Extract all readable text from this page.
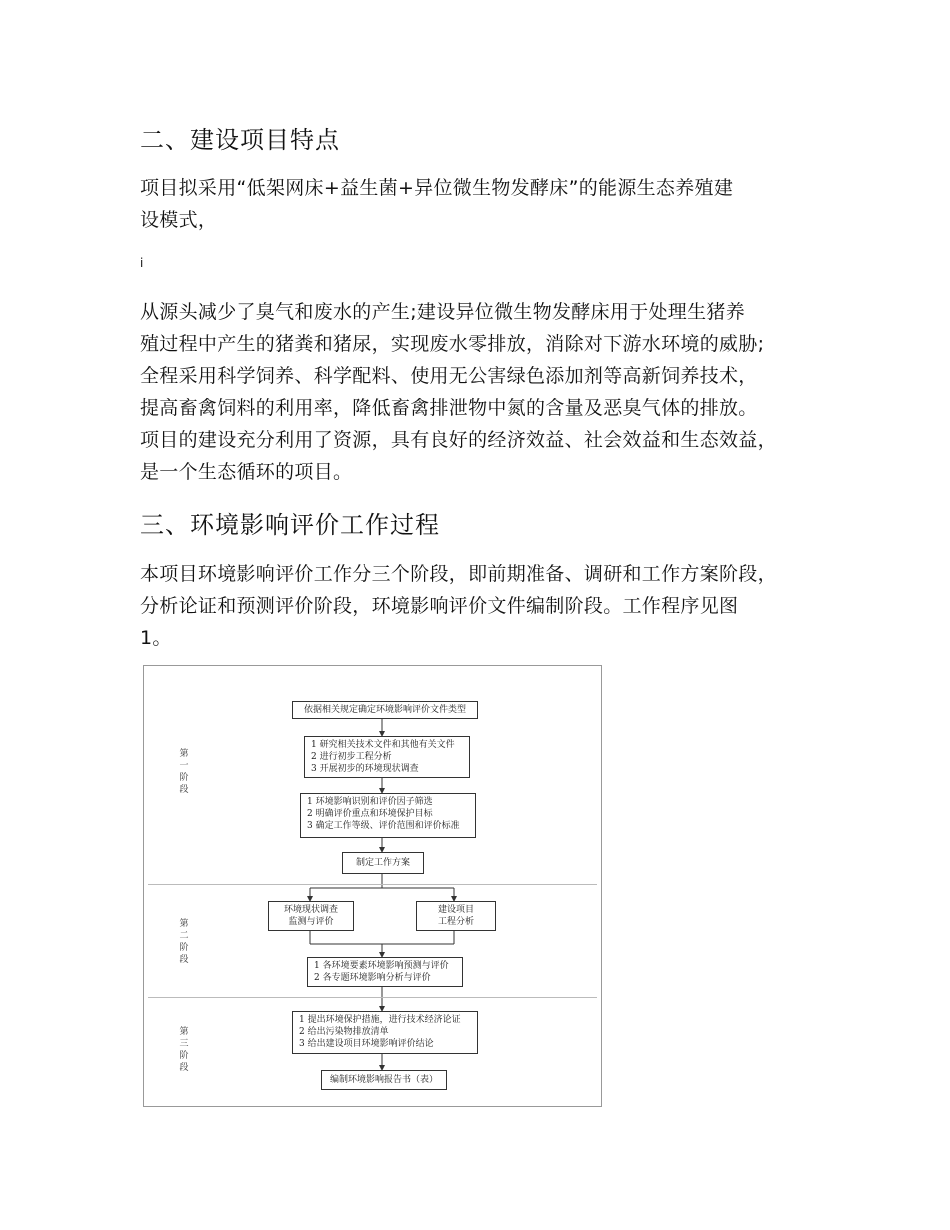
二、建设项目特点
项目拟采用“低架网床+益生菌+异位微生物发酵床”的能源生态养殖建
设模式，
i
从源头减少了臭气和废水的产生;建设异位微生物发酵床用于处理生猪养
殖过程中产生的猪粪和猪尿，实现废水零排放，消除对下游水环境的威胁;
全程采用科学饲养、科学配料、使用无公害绿色添加剂等高新饲养技术，
提高畜禽饲料的利用率，降低畜禽排泄物中氮的含量及恶臭气体的排放。
项目的建设充分利用了资源，具有良好的经济效益、社会效益和生态效益，
是一个生态循环的项目。
三、环境影响评价工作过程
本项目环境影响评价工作分三个阶段，即前期准备、调研和工作方案阶段，
分析论证和预测评价阶段，环境影响评价文件编制阶段。工作程序见图
1。
第
一
阶
段
第
二
阶
段
第
三
阶
段
依据相关规定确定环境影响评价文件类型
1 研究相关技术文件和其他有关文件
2 进行初步工程分析
3 开展初步的环境现状调查
1 环境影响识别和评价因子筛选
2 明确评价重点和环境保护目标
3 确定工作等级、评价范围和评价标准
制定工作方案
环境现状调查
监测与评价
建设项目
工程分析
1 各环境要素环境影响预测与评价
2 各专题环境影响分析与评价
1 提出环境保护措施，进行技术经济论证
2 给出污染物排放清单
3 给出建设项目环境影响评价结论
编制环境影响报告书（表）
